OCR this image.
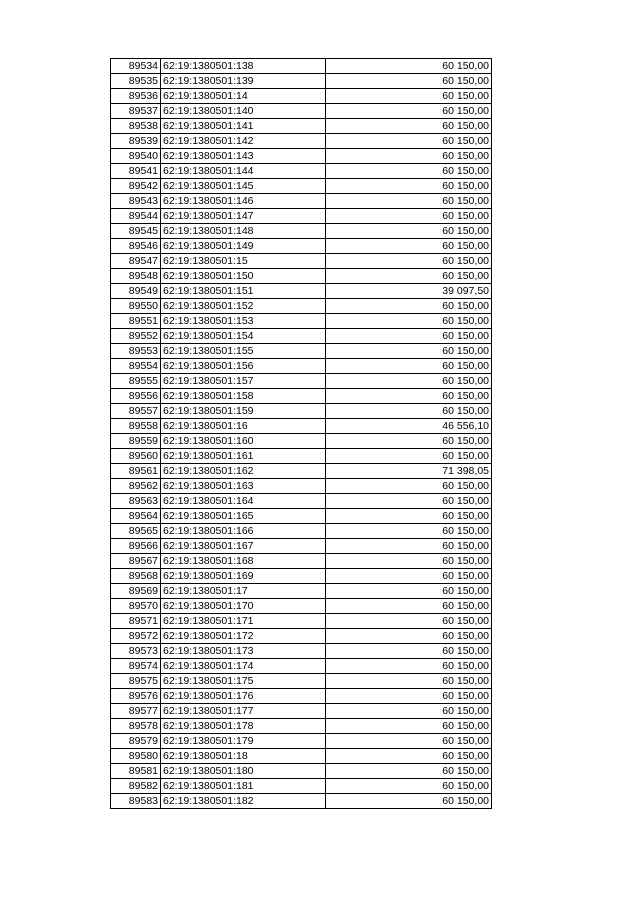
89534	62:19:1380501:138	60 150,00
89535	62:19:1380501:139	60 150,00
89536	62:19:1380501:14	60 150,00
89537	62:19:1380501:140	60 150,00
89538	62:19:1380501:141	60 150,00
89539	62:19:1380501:142	60 150,00
89540	62:19:1380501:143	60 150,00
89541	62:19:1380501:144	60 150,00
89542	62:19:1380501:145	60 150,00
89543	62:19:1380501:146	60 150,00
89544	62:19:1380501:147	60 150,00
89545	62:19:1380501:148	60 150,00
89546	62:19:1380501:149	60 150,00
89547	62:19:1380501:15	60 150,00
89548	62:19:1380501:150	60 150,00
89549	62:19:1380501:151	39 097,50
89550	62:19:1380501:152	60 150,00
89551	62:19:1380501:153	60 150,00
89552	62:19:1380501:154	60 150,00
89553	62:19:1380501:155	60 150,00
89554	62:19:1380501:156	60 150,00
89555	62:19:1380501:157	60 150,00
89556	62:19:1380501:158	60 150,00
89557	62:19:1380501:159	60 150,00
89558	62:19:1380501:16	46 556,10
89559	62:19:1380501:160	60 150,00
89560	62:19:1380501:161	60 150,00
89561	62:19:1380501:162	71 398,05
89562	62:19:1380501:163	60 150,00
89563	62:19:1380501:164	60 150,00
89564	62:19:1380501:165	60 150,00
89565	62:19:1380501:166	60 150,00
89566	62:19:1380501:167	60 150,00
89567	62:19:1380501:168	60 150,00
89568	62:19:1380501:169	60 150,00
89569	62:19:1380501:17	60 150,00
89570	62:19:1380501:170	60 150,00
89571	62:19:1380501:171	60 150,00
89572	62:19:1380501:172	60 150,00
89573	62:19:1380501:173	60 150,00
89574	62:19:1380501:174	60 150,00
89575	62:19:1380501:175	60 150,00
89576	62:19:1380501:176	60 150,00
89577	62:19:1380501:177	60 150,00
89578	62:19:1380501:178	60 150,00
89579	62:19:1380501:179	60 150,00
89580	62:19:1380501:18	60 150,00
89581	62:19:1380501:180	60 150,00
89582	62:19:1380501:181	60 150,00
89583	62:19:1380501:182	60 150,00
